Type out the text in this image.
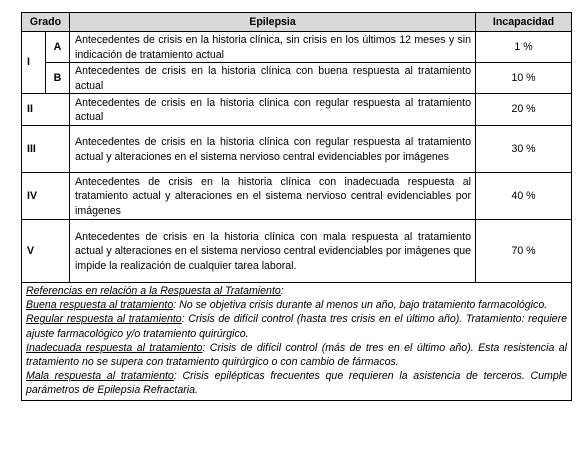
Grado		Epilepsia	Incapacidad
I	A	Antecedentes de crisis en la historia clínica, sin crisis en los últimos 12 meses y sin indicación de tratamiento actual	1 %
	B	Antecedentes de crisis en la historia clínica con buena respuesta al tratamiento actual	10 %
II		Antecedentes de crisis en la historia clínica con regular respuesta al tratamiento actual	20 %
III		Antecedentes de crisis en la historia clínica con regular respuesta al tratamiento actual y alteraciones en el sistema nervioso central evidenciables por imágenes	30 %
IV		Antecedentes de crisis en la historia clínica con inadecuada respuesta al tratamiento actual y alteraciones en el sistema nervioso central evidenciables por imágenes	40 %
V		Antecedentes de crisis en la historia clínica con mala respuesta al tratamiento actual y alteraciones en el sistema nervioso central evidenciables por imágenes que impide la realización de cualquier tarea laboral.	70 %

Referencias en relación a la Respuesta al Tratamiento:

Buena respuesta al tratamiento: No se objetiva crisis durante al menos un año, bajo tratamiento farmacológico.

Regular respuesta al tratamiento: Crisis de difícil control (hasta tres crisis en el último año). Tratamiento: requiere ajuste farmacológico y/o tratamiento quirúrgico.

Inadecuada respuesta al tratamiento: Crisis de difícil control (más de tres en el último año). Esta resistencia al tratamiento no se supera con tratamiento quirúrgico o con cambio de fármacos.

Mala respuesta al tratamiento: Crisis epilépticas frecuentes que requieren la asistencia de terceros. Cumple parámetros de Epilepsia Refractaria.			
